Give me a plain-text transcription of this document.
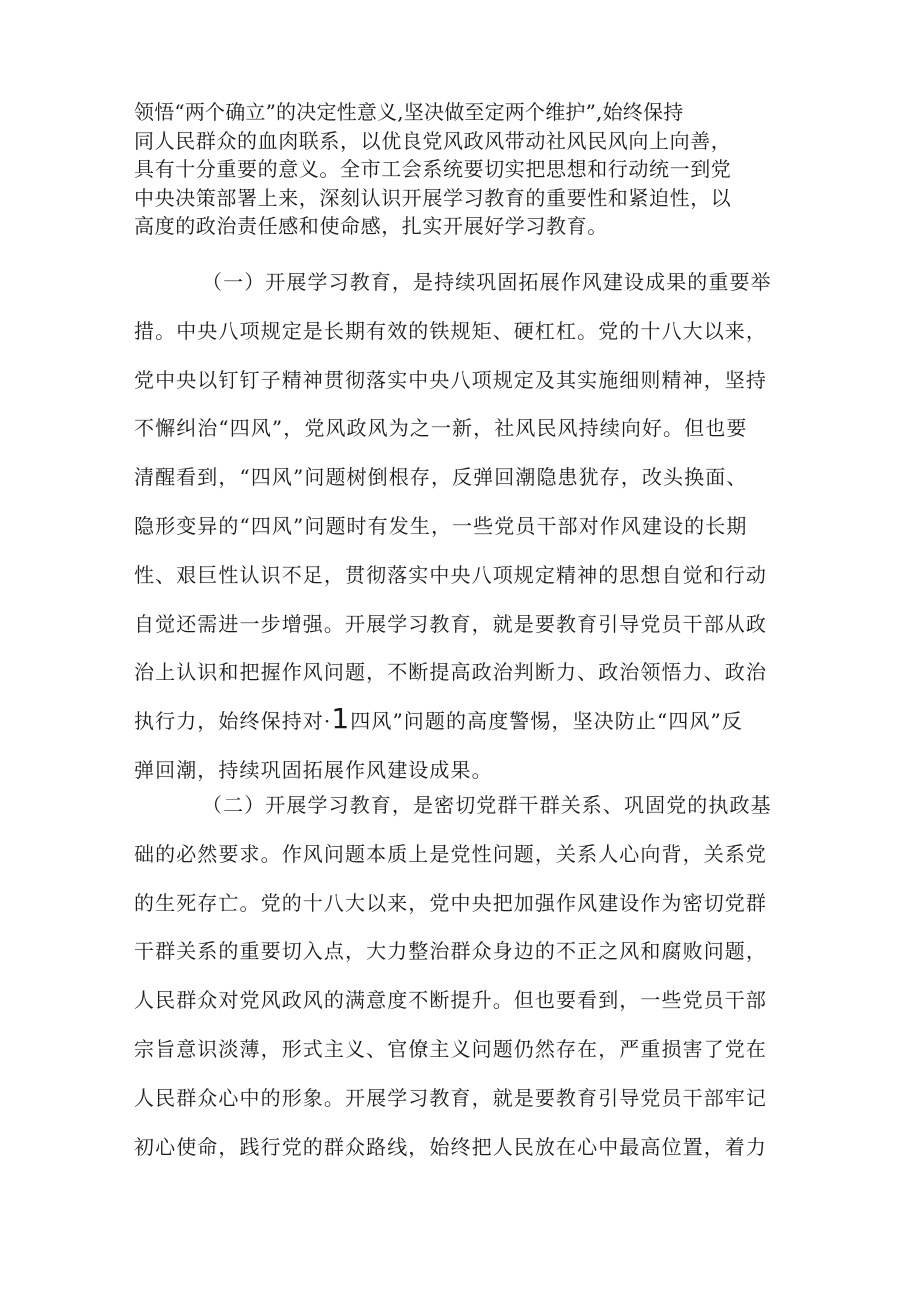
领悟“两个确立”的决定性意义,坚决做至定两个维护”,始终保持
同人民群众的血肉联系，以优良党风政风带动社风民风向上向善，
具有十分重要的意义。全市工会系统要切实把思想和行动统一到党
中央决策部署上来，深刻认识开展学习教育的重要性和紧迫性，以
高度的政治责任感和使命感，扎实开展好学习教育。
（一）开展学习教育，是持续巩固拓展作风建设成果的重要举
措。中央八项规定是长期有效的铁规矩、硬杠杠。党的十八大以来，
党中央以钉钉子精神贯彻落实中央八项规定及其实施细则精神，坚持
不懈纠治“四风”，党风政风为之一新，社风民风持续向好。但也要
清醒看到，“四风”问题树倒根存，反弹回潮隐患犹存，改头换面、
隐形变异的“四风”问题时有发生，一些党员干部对作风建设的长期
性、艰巨性认识不足，贯彻落实中央八项规定精神的思想自觉和行动
自觉还需进一步增强。开展学习教育，就是要教育引导党员干部从政
治上认识和把握作风问题，不断提高政治判断力、政治领悟力、政治
执行力，始终保持对·1四风”问题的高度警惕，坚决防止“四风”反
弹回潮，持续巩固拓展作风建设成果。
（二）开展学习教育，是密切党群干群关系、巩固党的执政基
础的必然要求。作风问题本质上是党性问题，关系人心向背，关系党
的生死存亡。党的十八大以来，党中央把加强作风建设作为密切党群
干群关系的重要切入点，大力整治群众身边的不正之风和腐败问题，
人民群众对党风政风的满意度不断提升。但也要看到，一些党员干部
宗旨意识淡薄，形式主义、官僚主义问题仍然存在，严重损害了党在
人民群众心中的形象。开展学习教育，就是要教育引导党员干部牢记
初心使命，践行党的群众路线，始终把人民放在心中最高位置，着力
